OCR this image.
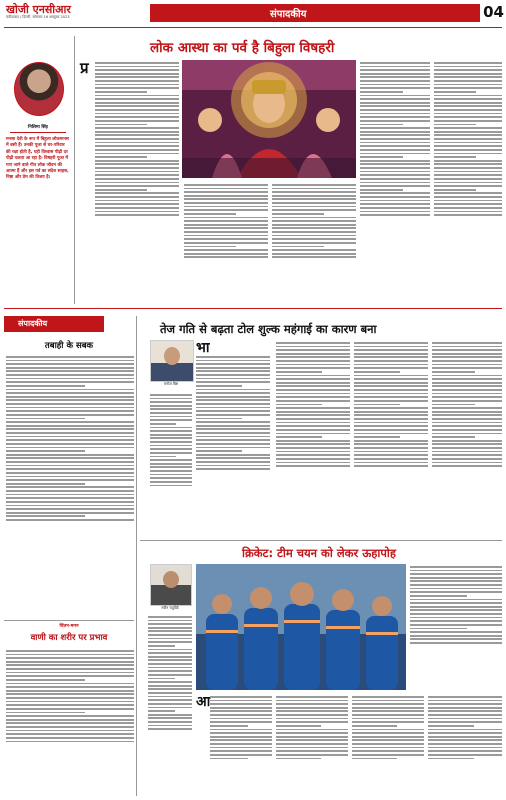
खोजी एनसीआर
फरीदाबाद / दिल्ली, सोमवार 16 अक्टूबर 2023	संपादकीय	04
लोक आस्था का पर्व है बिहुला विषहरी
निलिमा सिंह
मनसा देवी के रूप में बिहुला लोकमानस में बसी हैं। उनकी पूजा से घर-परिवार की रक्षा होती है, यही विश्वास पीढ़ी दर पीढ़ी चलता आ रहा है। विषहरी पूजा में गाए जाने वाले गीत लोक जीवन की आत्मा हैं और इस पर्व का संदेश साहस, निष्ठा और प्रेम की विजय है।
प्र
संपादकीय	तेज गति से बढ़ता टोल शुल्क महंगाई का कारण बना
तबाही के सबक
मनोज बिष्ट
भा
क्रिकेट: टीम चयन को लेकर ऊहापोह
नवीन चतुर्वेदी
आ
चिंतन-मनन
वाणी का शरीर पर प्रभाव
